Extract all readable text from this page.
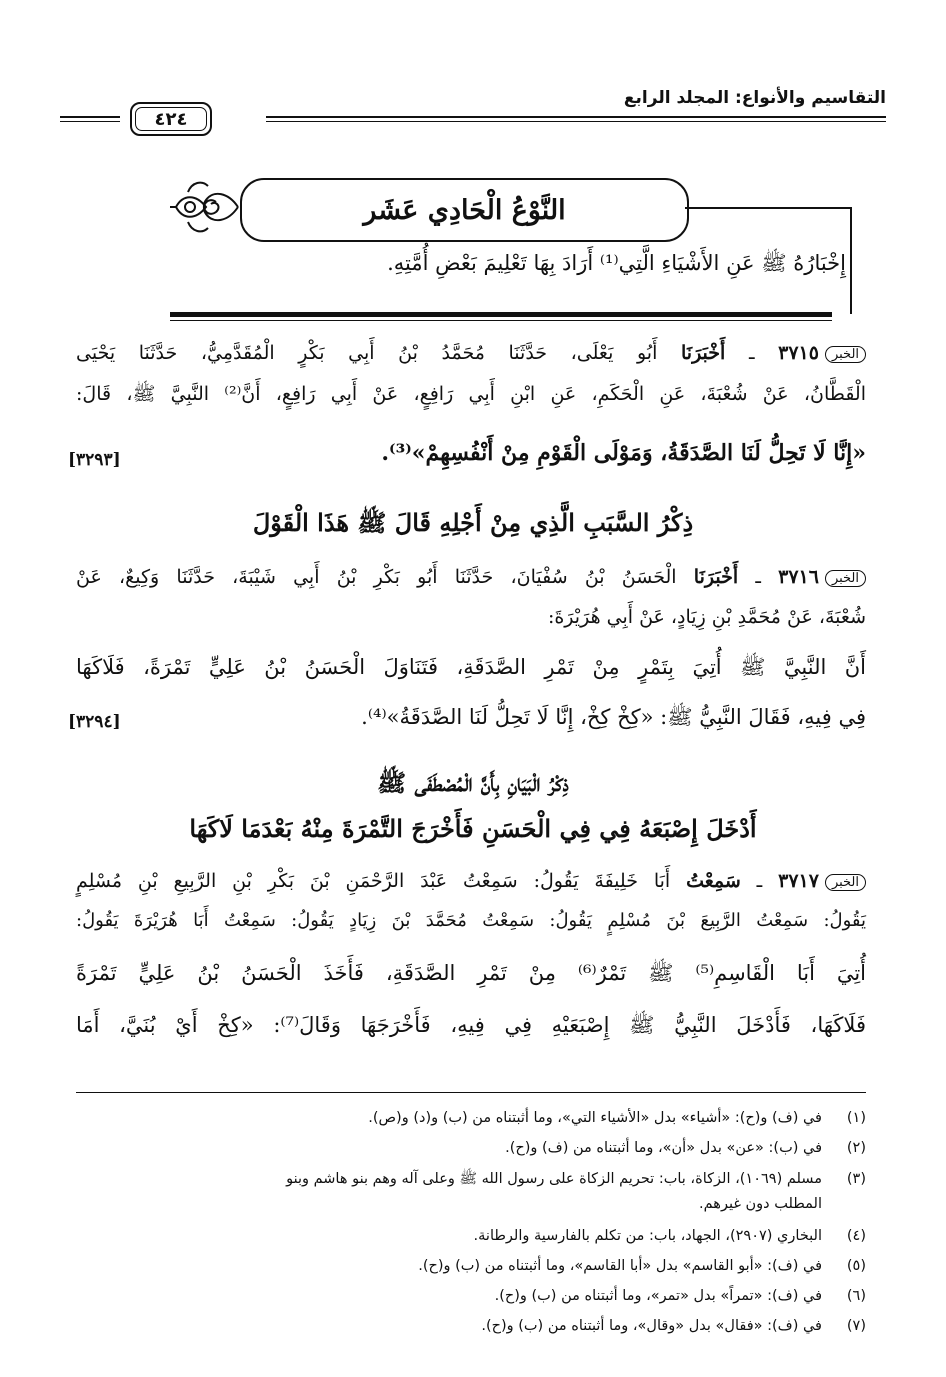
٤٢٤
التقاسيم والأنواع: المجلد الرابع
النَّوْعُ الْحَادِي عَشَر
إِخْبَارُهُ ﷺ عَنِ الأَشْيَاءِ الَّتِي⁽¹⁾ أَرَادَ بِهَا تَعْلِيمَ بَعْضِ أُمَّتِهِ.
الخبر٣٧١٥ ـ أَخْبَرَنَا أَبُو يَعْلَى، حَدَّثَنَا مُحَمَّدُ بْنُ أَبِي بَكْرٍ الْمُقَدَّمِيُّ، حَدَّثَنَا يَحْيَى
الْقَطَّانُ، عَنْ شُعْبَةَ، عَنِ الْحَكَمِ، عَنِ ابْنِ أَبِي رَافِعٍ، عَنْ أَبِي رَافِعٍ، أَنَّ⁽²⁾ النَّبِيَّ ﷺ، قَالَ:
«إِنَّا لَا تَحِلُّ لَنَا الصَّدَقَةُ، وَمَوْلَى الْقَوْمِ مِنْ أَنْفُسِهِمْ»⁽³⁾.
[٣٢٩٣]
ذِكْرُ السَّبَبِ الَّذِي مِنْ أَجْلِهِ قَالَ ﷺ هَذَا الْقَوْلَ
الخبر٣٧١٦ ـ أَخْبَرَنَا الْحَسَنُ بْنُ سُفْيَانَ، حَدَّثَنَا أَبُو بَكْرِ بْنُ أَبِي شَيْبَةَ، حَدَّثَنَا وَكِيعٌ، عَنْ
شُعْبَةَ، عَنْ مُحَمَّدِ بْنِ زِيَادٍ، عَنْ أَبِي هُرَيْرَةَ:
أَنَّ النَّبِيَّ ﷺ أُتِيَ بِتَمْرٍ مِنْ تَمْرِ الصَّدَقَةِ، فَتَنَاوَلَ الْحَسَنُ بْنُ عَلِيٍّ تَمْرَةً، فَلَاكَهَا
فِي فِيهِ، فَقَالَ النَّبِيُّ ﷺ: «كِخْ كِخْ، إِنَّا لَا تَحِلُّ لَنَا الصَّدَقَةُ»⁽⁴⁾.
[٣٢٩٤]
ذِكْرُ الْبَيَانِ بِأَنَّ الْمُصْطَفَى ﷺ
أَدْخَلَ إِصْبَعَهُ فِي فِي الْحَسَنِ فَأَخْرَجَ التَّمْرَةَ مِنْهُ بَعْدَمَا لَاكَهَا
الخبر٣٧١٧ ـ سَمِعْتُ أَبَا خَلِيفَةَ يَقُولُ: سَمِعْتُ عَبْدَ الرَّحْمَنِ بْنَ بَكْرِ بْنِ الرَّبِيعِ بْنِ مُسْلِمٍ
يَقُولُ: سَمِعْتُ الرَّبِيعَ بْنَ مُسْلِمٍ يَقُولُ: سَمِعْتُ مُحَمَّدَ بْنَ زِيَادٍ يَقُولُ: سَمِعْتُ أَبَا هُرَيْرَةَ يَقُولُ:
أُتِيَ أَبَا الْقَاسِمِ⁽⁵⁾ ﷺ تَمْرٌ⁽⁶⁾ مِنْ تَمْرِ الصَّدَقَةِ، فَأَخَذَ الْحَسَنُ بْنُ عَلِيٍّ تَمْرَةً
فَلَاكَهَا، فَأَدْخَلَ النَّبِيُّ ﷺ إِصْبَعَيْهِ فِي فِيهِ، فَأَخْرَجَهَا وَقَالَ⁽⁷⁾: «كِخْ أَيْ بُنَيَّ، أَمَا
(١)في (ف) و(ح): «أشياء» بدل «الأشياء التي»، وما أثبتناه من (ب) و(د) و(ص).
(٢)في (ب): «عن» بدل «أن»، وما أثبتناه من (ف) و(ح).
(٣)مسلم (١٠٦٩)، الزكاة، باب: تحريم الزكاة على رسول الله ﷺ وعلى آله وهم بنو هاشم وبنو
المطلب دون غيرهم.
(٤)البخاري (٢٩٠٧)، الجهاد، باب: من تكلم بالفارسية والرطانة.
(٥)في (ف): «أبو القاسم» بدل «أبا القاسم»، وما أثبتناه من (ب) و(ح).
(٦)في (ف): «تمراً» بدل «تمر»، وما أثبتناه من (ب) و(ح).
(٧)في (ف): «فقال» بدل «وقال»، وما أثبتناه من (ب) و(ح).
